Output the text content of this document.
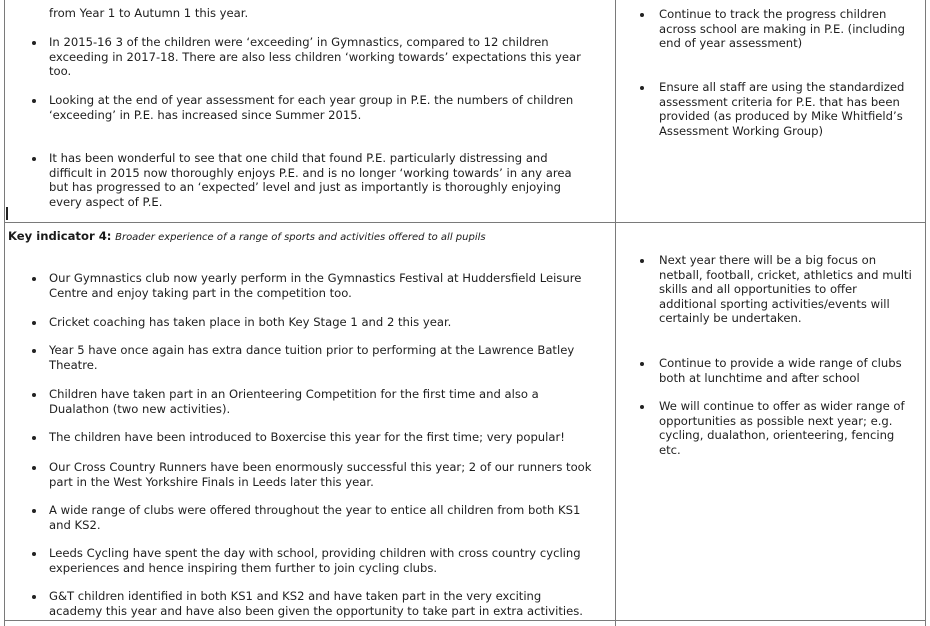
from Year 1 to Autumn 1 this year.

In 2015-16 3 of the children were ‘exceeding’ in Gymnastics, compared to 12 children
exceeding in 2017-18. There are also less children ‘working towards’ expectations this year
too.

Looking at the end of year assessment for each year group in P.E. the numbers of children
‘exceeding’ in P.E. has increased since Summer 2015.

It has been wonderful to see that one child that found P.E. particularly distressing and
difficult in 2015 now thoroughly enjoys P.E. and is no longer ‘working towards’ in any area
but has progressed to an ‘expected’ level and just as importantly is thoroughly enjoying
every aspect of P.E.

Continue to track the progress children
across school are making in P.E. (including
end of year assessment)

Ensure all staff are using the standardized
assessment criteria for P.E. that has been
provided (as produced by Mike Whitfield’s
Assessment Working Group)

Key indicator 4: Broader experience of a range of sports and activities offered to all pupils

Our Gymnastics club now yearly perform in the Gymnastics Festival at Huddersfield Leisure
Centre and enjoy taking part in the competition too.

Cricket coaching has taken place in both Key Stage 1 and 2 this year.

Year 5 have once again has extra dance tuition prior to performing at the Lawrence Batley
Theatre.

Children have taken part in an Orienteering Competition for the first time and also a
Dualathon (two new activities).

The children have been introduced to Boxercise this year for the first time; very popular!

Our Cross Country Runners have been enormously successful this year; 2 of our runners took
part in the West Yorkshire Finals in Leeds later this year.

A wide range of clubs were offered throughout the year to entice all children from both KS1
and KS2.

Leeds Cycling have spent the day with school, providing children with cross country cycling
experiences and hence inspiring them further to join cycling clubs.

G&T children identified in both KS1 and KS2 and have taken part in the very exciting
academy this year and have also been given the opportunity to take part in extra activities.

Next year there will be a big focus on
netball, football, cricket, athletics and multi
skills and all opportunities to offer
additional sporting activities/events will
certainly be undertaken.

Continue to provide a wide range of clubs
both at lunchtime and after school

We will continue to offer as wider range of
opportunities as possible next year; e.g.
cycling, dualathon, orienteering, fencing
etc.
